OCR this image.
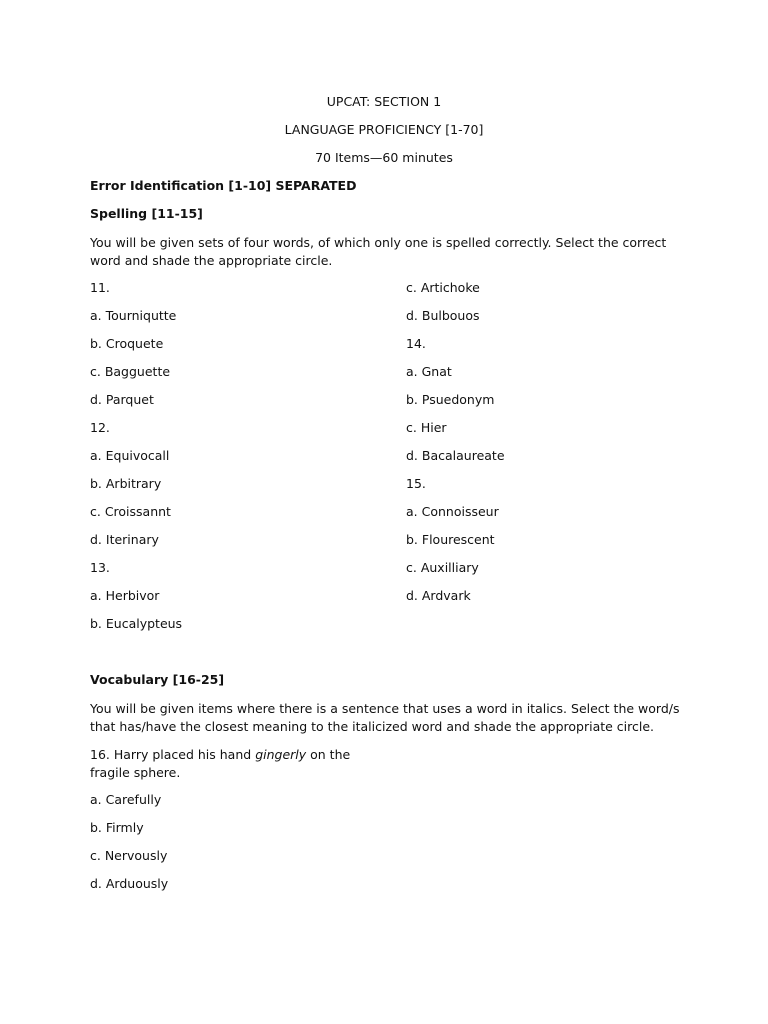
UPCAT: SECTION 1
LANGUAGE PROFICIENCY [1-70]
70 Items—60 minutes
Error Identification [1-10] SEPARATED
Spelling [11-15]
You will be given sets of four words, of which only one is spelled correctly. Select the correct word and shade the appropriate circle.
11.
a. Tourniqutte
b. Croquete
c. Bagguette
d. Parquet
12.
a. Equivocall
b. Arbitrary
c. Croissannt
d. Iterinary
13.
a. Herbivor
b. Eucalypteus
c. Artichoke
d. Bulbouos
14.
a. Gnat
b. Psuedonym
c. Hier
d. Bacalaureate
15.
a. Connoisseur
b. Flourescent
c. Auxilliary
d. Ardvark
Vocabulary [16-25]
You will be given items where there is a sentence that uses a word in italics. Select the word/s that has/have the closest meaning to the italicized word and shade the appropriate circle.
16. Harry placed his hand gingerly on the fragile sphere.
a. Carefully
b. Firmly
c. Nervously
d. Arduously
